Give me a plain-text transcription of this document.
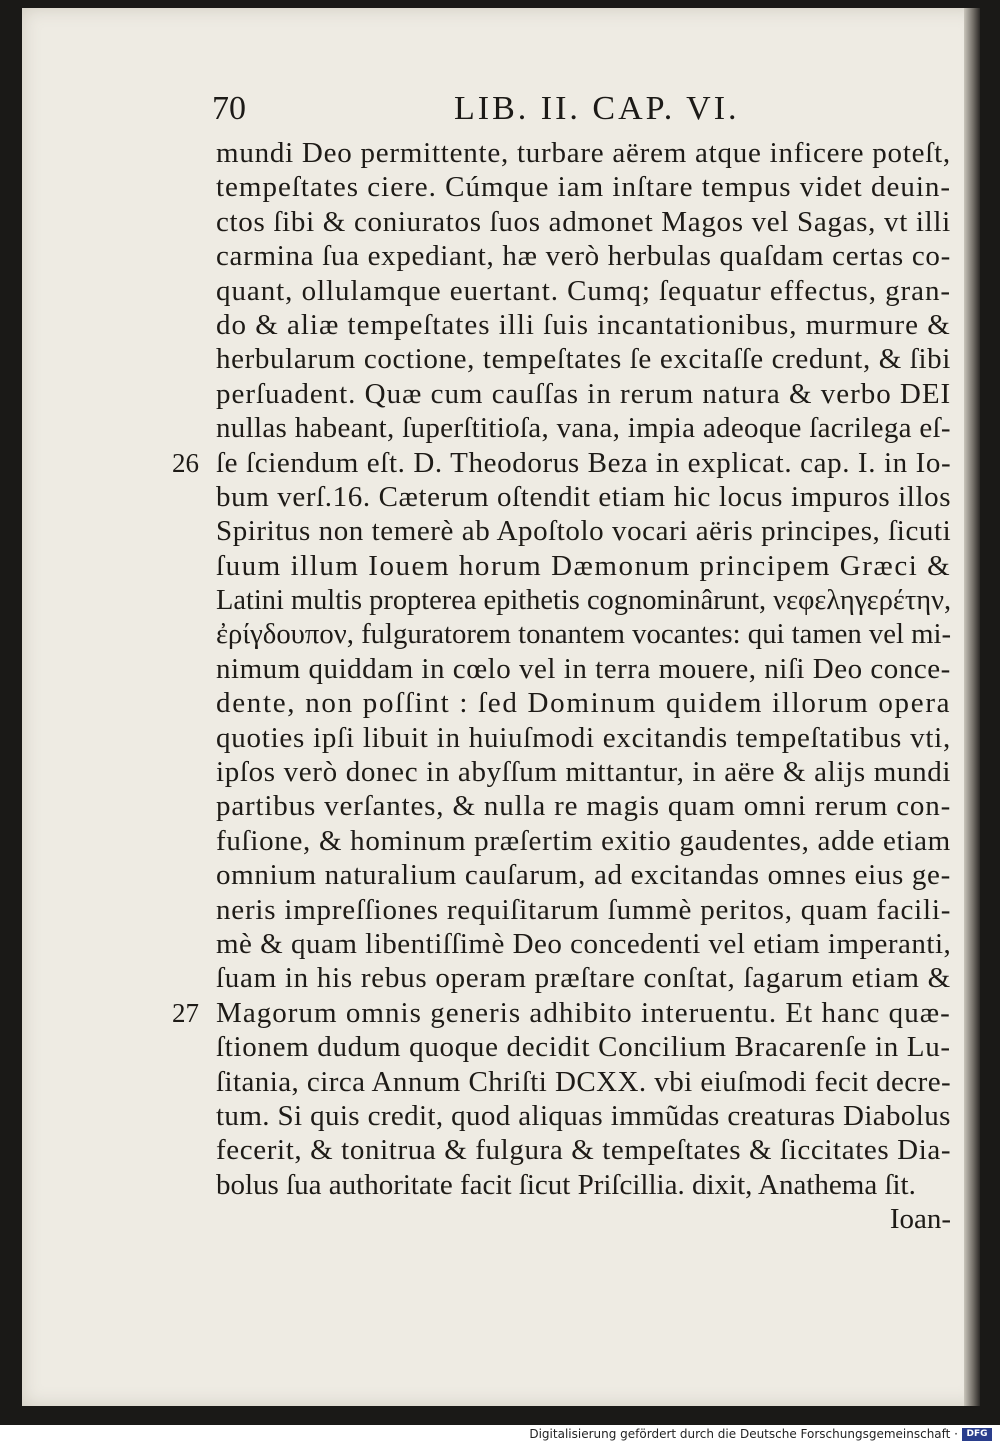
70	LIB. II. CAP. VI.
mundi Deo permittente, turbare aërem atque inficere poteſt,
tempeſtates ciere. Cúmque iam inſtare tempus videt deuin-
ctos ſibi & coniuratos ſuos admonet Magos vel Sagas, vt illi
carmina ſua expediant, hæ verò herbulas quaſdam certas co-
quant, ollulamque euertant. Cumq; ſequatur effectus, gran-
do & aliæ tempeſtates illi ſuis incantationibus, murmure &
herbularum coctione, tempeſtates ſe excitaſſe credunt, & ſibi
perſuadent. Quæ cum cauſſas in rerum natura & verbo DEI
nullas habeant, ſuperſtitioſa, vana, impia adeoque ſacrilega eſ-
ſe ſciendum eſt. D. Theodorus Beza in explicat. cap. I. in Io-
26
bum verſ.16. Cæterum oſtendit etiam hic locus impuros illos
Spiritus non temerè ab Apoſtolo vocari aëris principes, ſicuti
ſuum illum Iouem horum Dæmonum principem Græci &
Latini multis propterea epithetis cognominârunt, νεφεληγερέτην,
ἐρίγδουπον, fulguratorem tonantem vocantes: qui tamen vel mi-
nimum quiddam in cœlo vel in terra mouere, niſi Deo conce-
dente, non poſſint : ſed Dominum quidem illorum opera
quoties ipſi libuit in huiuſmodi excitandis tempeſtatibus vti,
ipſos verò donec in abyſſum mittantur, in aëre & alijs mundi
partibus verſantes, & nulla re magis quam omni rerum con-
fuſione, & hominum præſertim exitio gaudentes, adde etiam
omnium naturalium cauſarum, ad excitandas omnes eius ge-
neris impreſſiones requiſitarum ſummè peritos, quam facili-
mè & quam libentiſſimè Deo concedenti vel etiam imperanti,
ſuam in his rebus operam præſtare conſtat, ſagarum etiam &
Magorum omnis generis adhibito interuentu. Et hanc quæ-
27
ſtionem dudum quoque decidit Concilium Bracarenſe in Lu-
ſitania, circa Annum Chriſti DCXX. vbi eiuſmodi fecit decre-
tum. Si quis credit, quod aliquas immũdas creaturas Diabolus
fecerit, & tonitrua & fulgura & tempeſtates & ſiccitates Dia-
bolus ſua authoritate facit ſicut Priſcillia. dixit, Anathema ſit.
Ioan-
Digitalisierung gefördert durch die Deutsche Forschungsgemeinschaft · DFG
